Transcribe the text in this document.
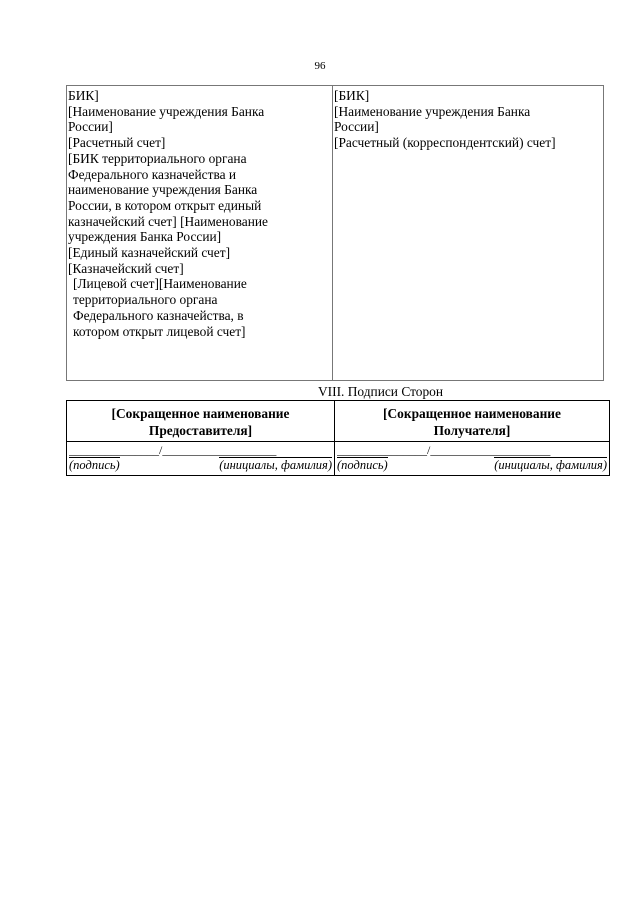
96
БИК]
[Наименование учреждения Банка
России]
[Расчетный счет]
[БИК территориального органа
Федерального казначейства и
наименование учреждения Банка
России, в котором открыт единый
казначейский счет] [Наименование
учреждения Банка России]
[Единый казначейский счет]
[Казначейский счет]
[Лицевой счет][Наименование
территориального органа
Федерального казначейства, в
котором открыт лицевой счет]
[БИК]
[Наименование учреждения Банка
России]
[Расчетный (корреспондентский) счет]
VIII. Подписи Сторон
[Сокращенное наименование
Предоставителя]
_______________/___________________
(подпись)	(инициалы, фамилия)
[Сокращенное наименование
Получателя]
_______________/____________________
(подпись)	(инициалы, фамилия)
